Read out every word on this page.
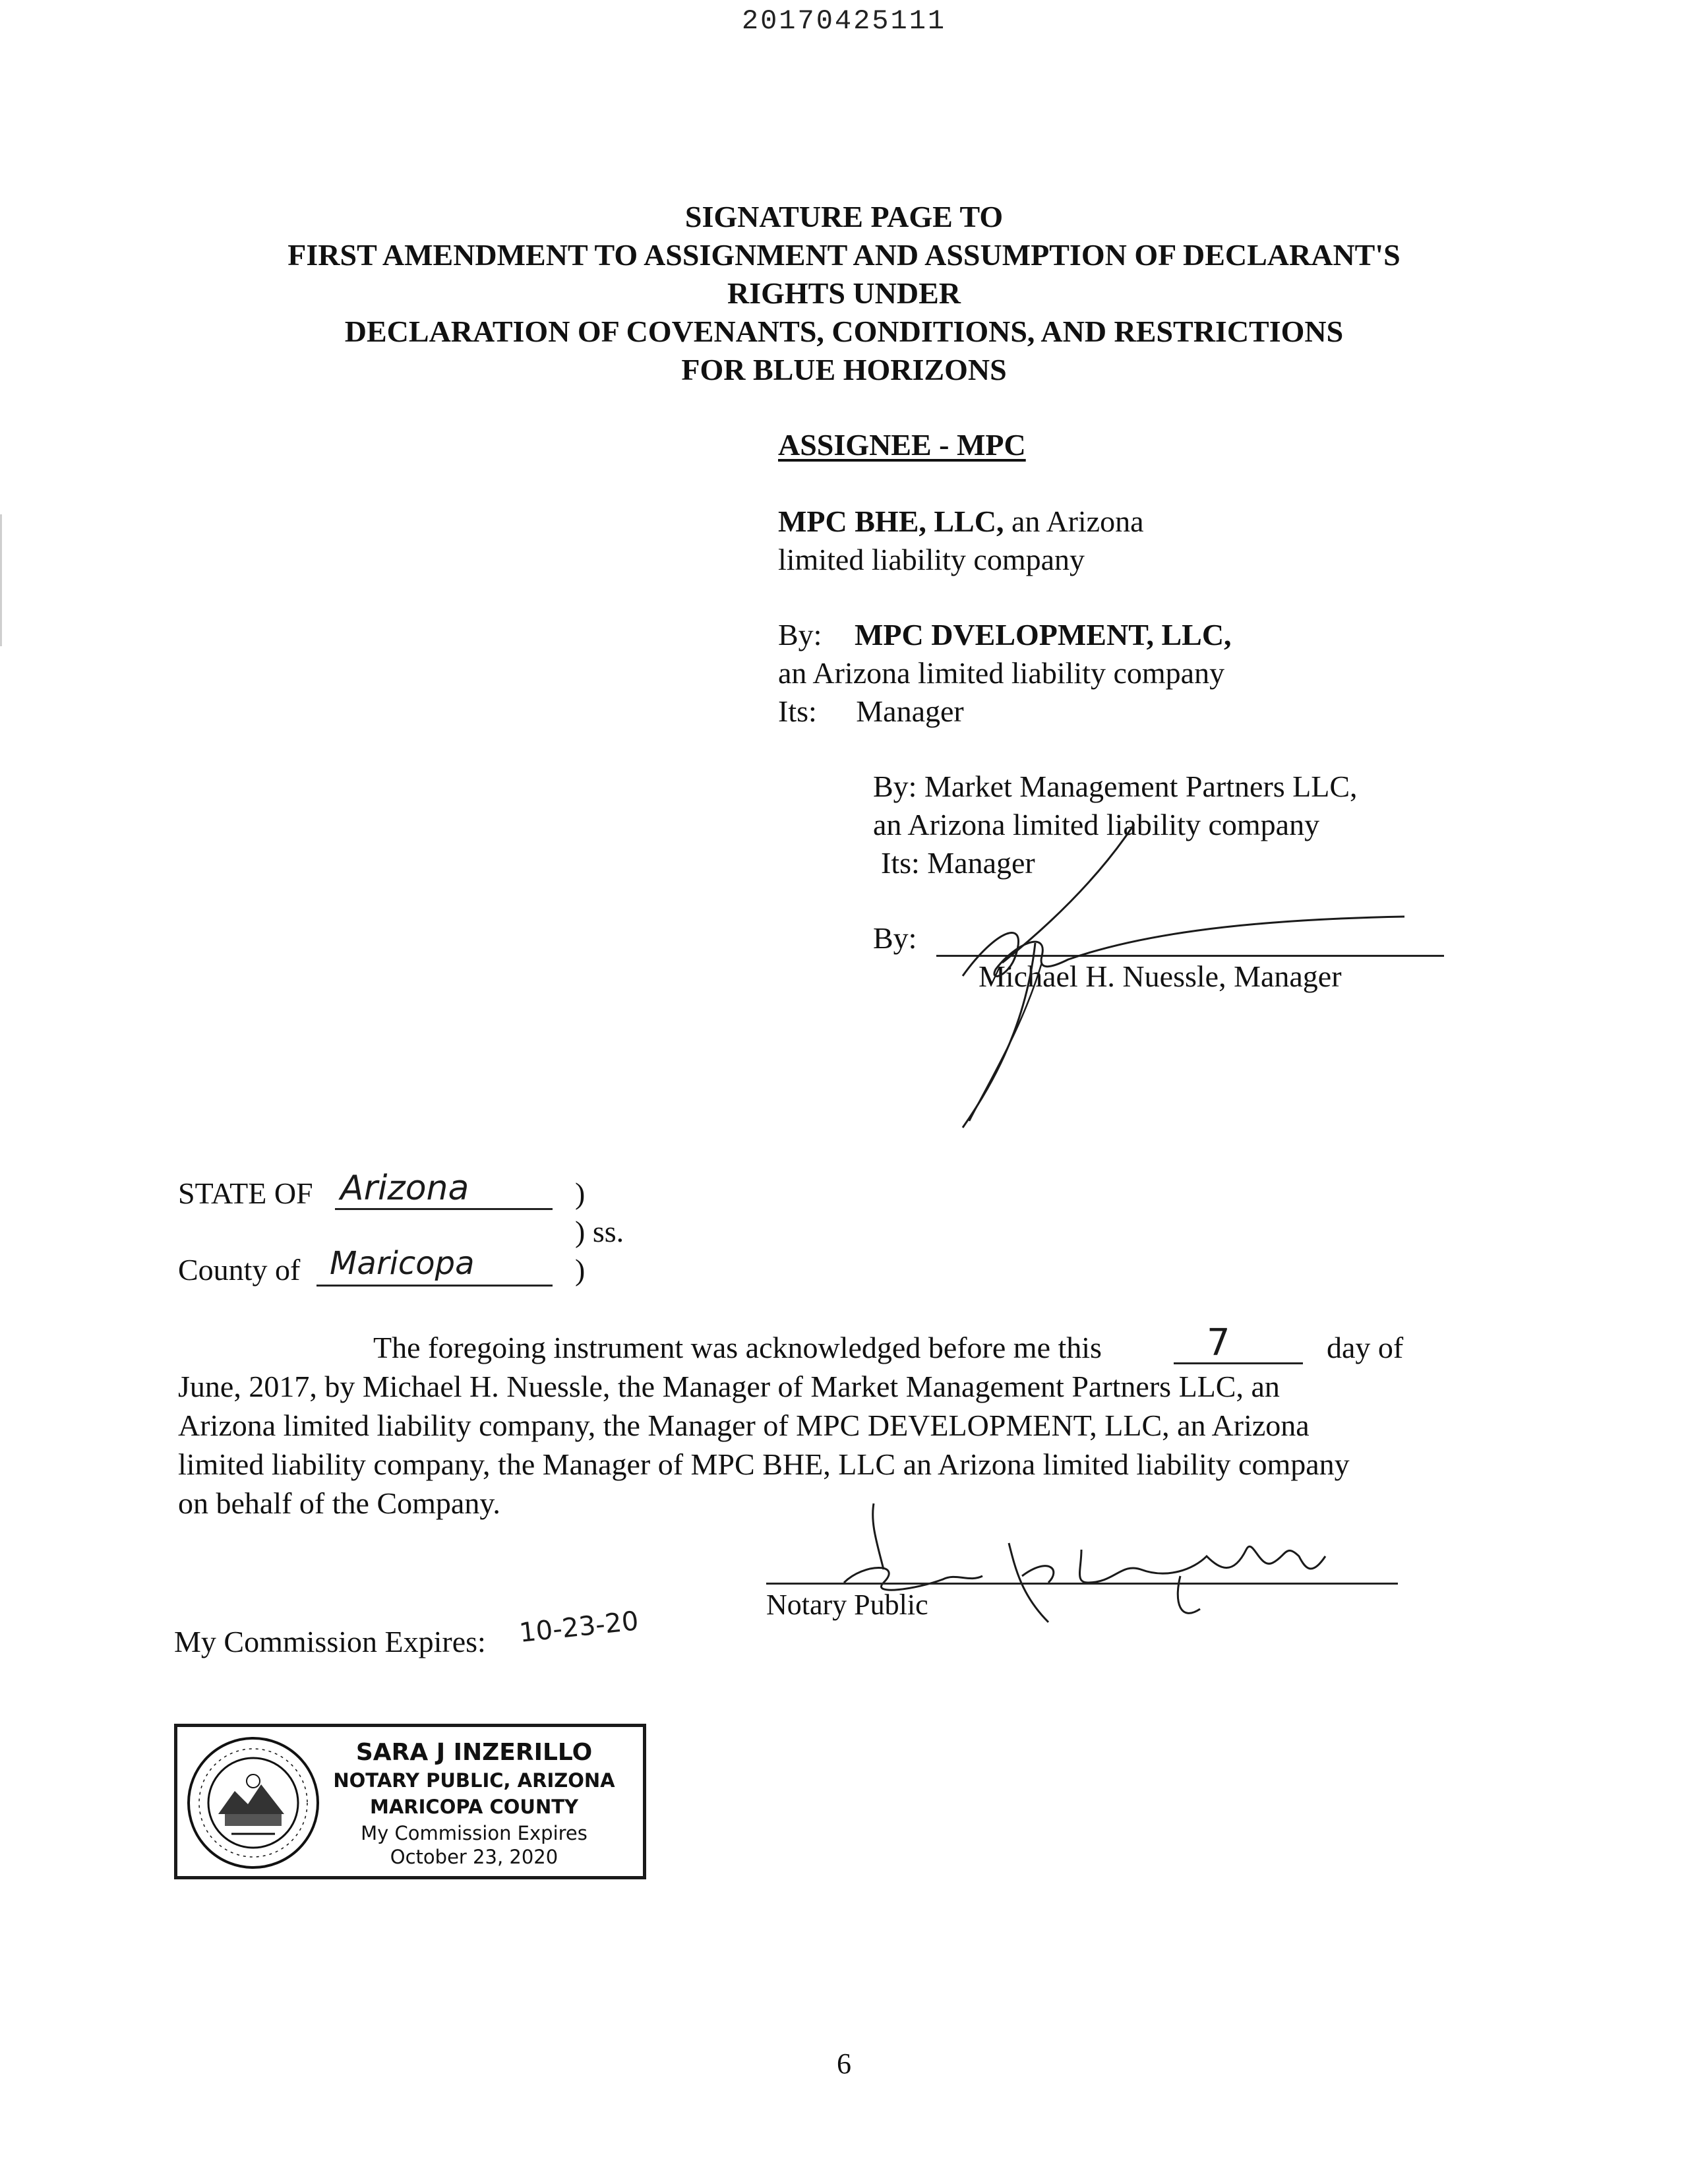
20170425111
SIGNATURE PAGE TO
FIRST AMENDMENT TO ASSIGNMENT AND ASSUMPTION OF DECLARANT'S
RIGHTS UNDER
DECLARATION OF COVENANTS, CONDITIONS, AND RESTRICTIONS
FOR BLUE HORIZONS
ASSIGNEE - MPC
MPC BHE, LLC, an Arizona
limited liability company
By: MPC DVELOPMENT, LLC,
an Arizona limited liability company
Its: Manager
By: Market Management Partners LLC,
an Arizona limited liability company
Its: Manager
By:
Michael H. Nuessle, Manager
STATE OF Arizona	)
) ss.
County of Maricopa	)
The foregoing instrument was acknowledged before me this	7	day of
June, 2017, by Michael H. Nuessle, the Manager of Market Management Partners LLC, an
Arizona limited liability company, the Manager of MPC DEVELOPMENT, LLC, an Arizona
limited liability company, the Manager of MPC BHE, LLC an Arizona limited liability company
on behalf of the Company.
Notary Public
My Commission Expires: 10-23-20
SARA J INZERILLO
NOTARY PUBLIC, ARIZONA
MARICOPA COUNTY
My Commission Expires
October 23, 2020
6
